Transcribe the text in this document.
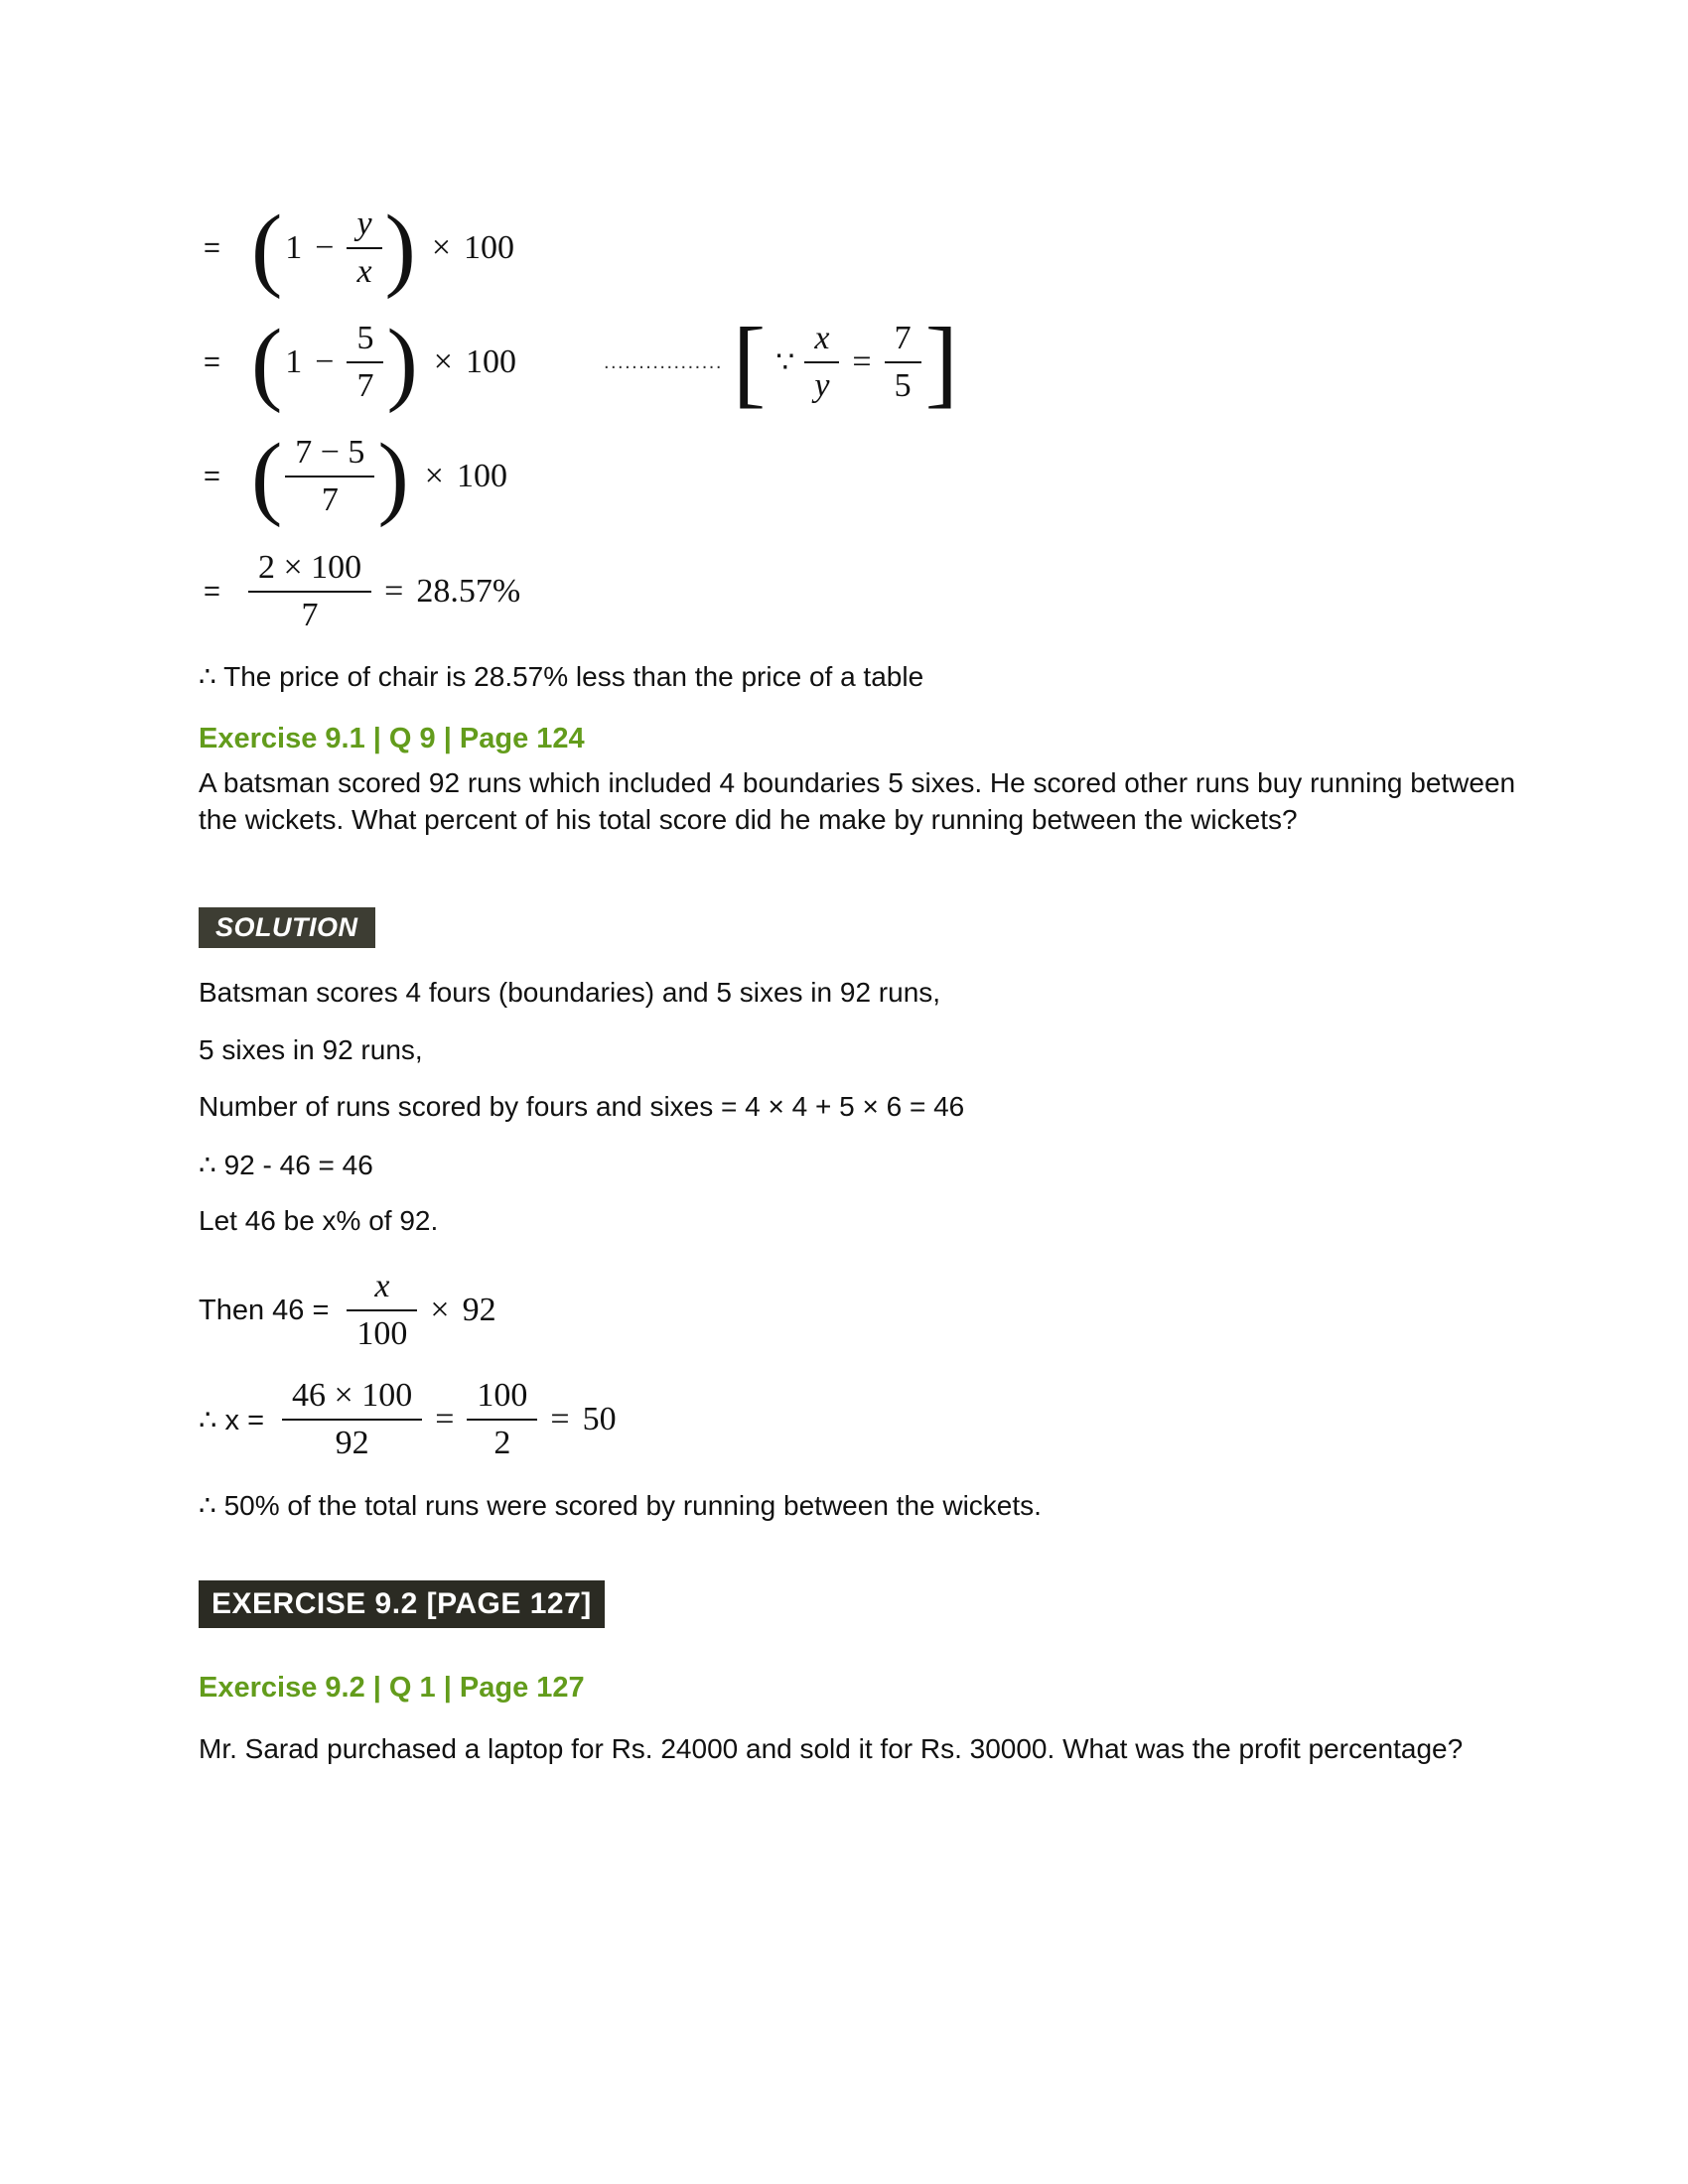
= ( $1 - \frac{y}{x}$ ) × 100
= ( $1 - \frac{5}{7}$ ) × 100	................. [ ∵ $\frac{x}{y} = \frac{7}{5}$ ]
= ( $\frac{7 - 5}{7}$ ) × 100
= $\frac{2 \times 100}{7} = 28.57\%$
∴ The price of chair is 28.57% less than the price of a table
Exercise 9.1 | Q 9 | Page 124
A batsman scored 92 runs which included 4 boundaries 5 sixes. He scored other runs buy running between the wickets. What percent of his total score did he make by running between the wickets?
SOLUTION
Batsman scores 4 fours (boundaries) and 5 sixes in 92 runs,
5 sixes in 92 runs,
Number of runs scored by fours and sixes = 4 × 4 + 5 × 6 = 46
∴ 92 - 46 = 46
Let 46 be x% of 92.
Then $46 = \frac{x}{100} \times 92$
∴ $x = \frac{46 \times 100}{92} = \frac{100}{2} = 50$
∴ 50% of the total runs were scored by running between the wickets.
EXERCISE 9.2 [PAGE 127]
Exercise 9.2 | Q 1 | Page 127
Mr. Sarad purchased a laptop for Rs. 24000 and sold it for Rs. 30000. What was the profit percentage?
